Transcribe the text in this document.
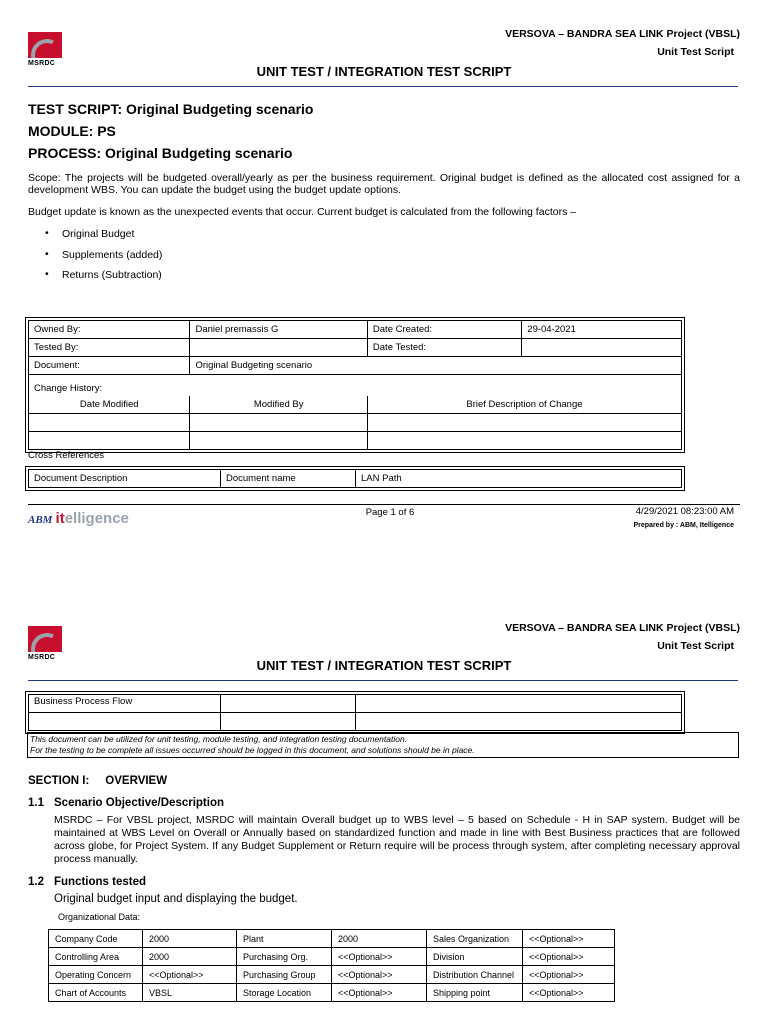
MSRDC
VERSOVA – BANDRA SEA LINK Project (VBSL)
Unit Test Script
UNIT TEST / INTEGRATION TEST SCRIPT
TEST SCRIPT: Original Budgeting scenario
MODULE: PS
PROCESS: Original Budgeting scenario
Scope: The projects will be budgeted overall/yearly as per the business requirement. Original budget is defined as the allocated cost assigned for a development WBS. You can update the budget using the budget update options.
Budget update is known as the unexpected events that occur. Current budget is calculated from the following factors –
• Original Budget
• Supplements (added)
• Returns (Subtraction)
Owned By:	Daniel premassis G	Date Created:	29-04-2021
Tested By:		Date Tested:	
Document:	Original Budgeting scenario		
Change History:			
Date Modified	Modified By	Brief Description of Change	

Cross References
Document Description	Document name	LAN Path
ABM itelligence	Page 1 of 6	4/29/2021 08:23:00 AM
Prepared by : ABM, Itelligence
MSRDC
VERSOVA – BANDRA SEA LINK Project (VBSL)
Unit Test Script
UNIT TEST / INTEGRATION TEST SCRIPT
Business Process Flow		

This document can be utilized for unit testing, module testing, and integration testing documentation.
For the testing to be complete all issues occurred should be logged in this document, and solutions should be in place.
SECTION I:     OVERVIEW
1.1 Scenario Objective/Description
MSRDC – For VBSL project, MSRDC will maintain Overall budget up to WBS level – 5 based on Schedule - H in SAP system. Budget will be maintained at WBS Level on Overall or Annually based on standardized function and made in line with Best Business practices that are followed across globe, for Project System. If any Budget Supplement or Return require will be process through system, after completing necessary approval process manually.
1.2 Functions tested
Original budget input and displaying the budget.
Organizational Data:
Company Code	2000	Plant	2000	Sales Organization	<<Optional>>
Controlling Area	2000	Purchasing Org.	<<Optional>>	Division	<<Optional>>
Operating Concern	<<Optional>>	Purchasing Group	<<Optional>>	Distribution Channel	<<Optional>>
Chart of Accounts	VBSL	Storage Location	<<Optional>>	Shipping point	<<Optional>>
